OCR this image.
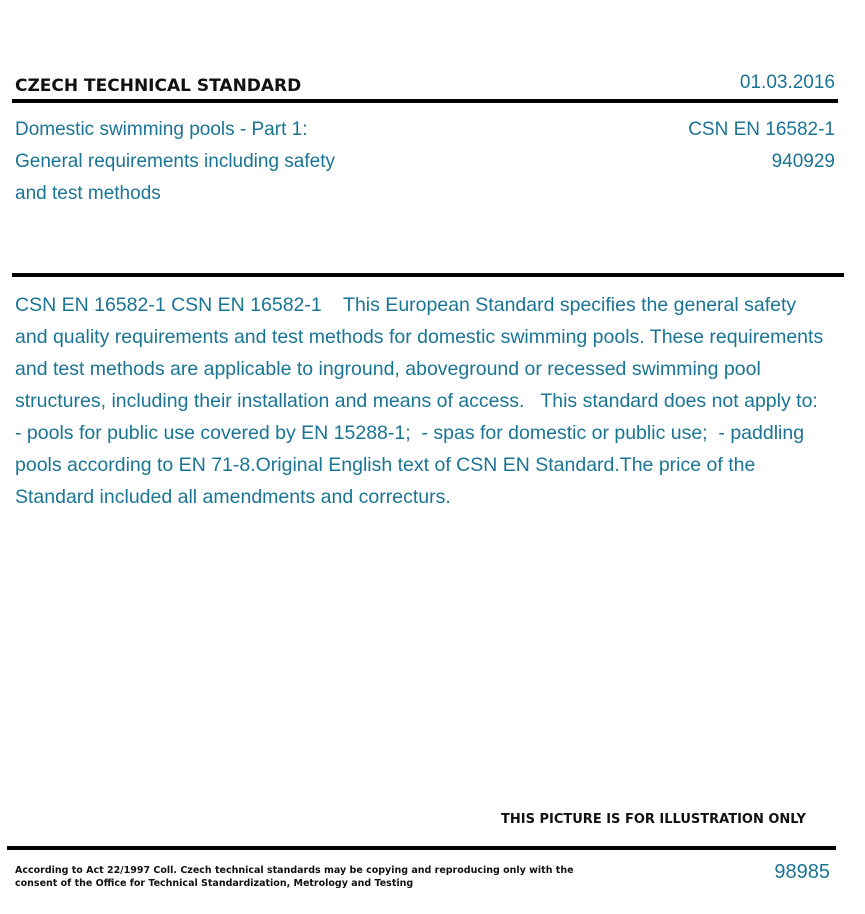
CZECH TECHNICAL STANDARD	01.03.2016
Domestic swimming pools - Part 1: General requirements including safety and test methods
CSN EN 16582-1
940929
CSN EN 16582-1 CSN EN 16582-1    This European Standard specifies the general safety and quality requirements and test methods for domestic swimming pools. These requirements and test methods are applicable to inground, aboveground or recessed swimming pool structures, including their installation and means of access.   This standard does not apply to:  - pools for public use covered by EN 15288-1;  - spas for domestic or public use;  - paddling pools according to EN 71-8.Original English text of CSN EN Standard.The price of the Standard included all amendments and correcturs.
THIS PICTURE IS FOR ILLUSTRATION ONLY
According to Act 22/1997 Coll. Czech technical standards may be copying and reproducing only with the consent of the Office for Technical Standardization, Metrology and Testing
98985
